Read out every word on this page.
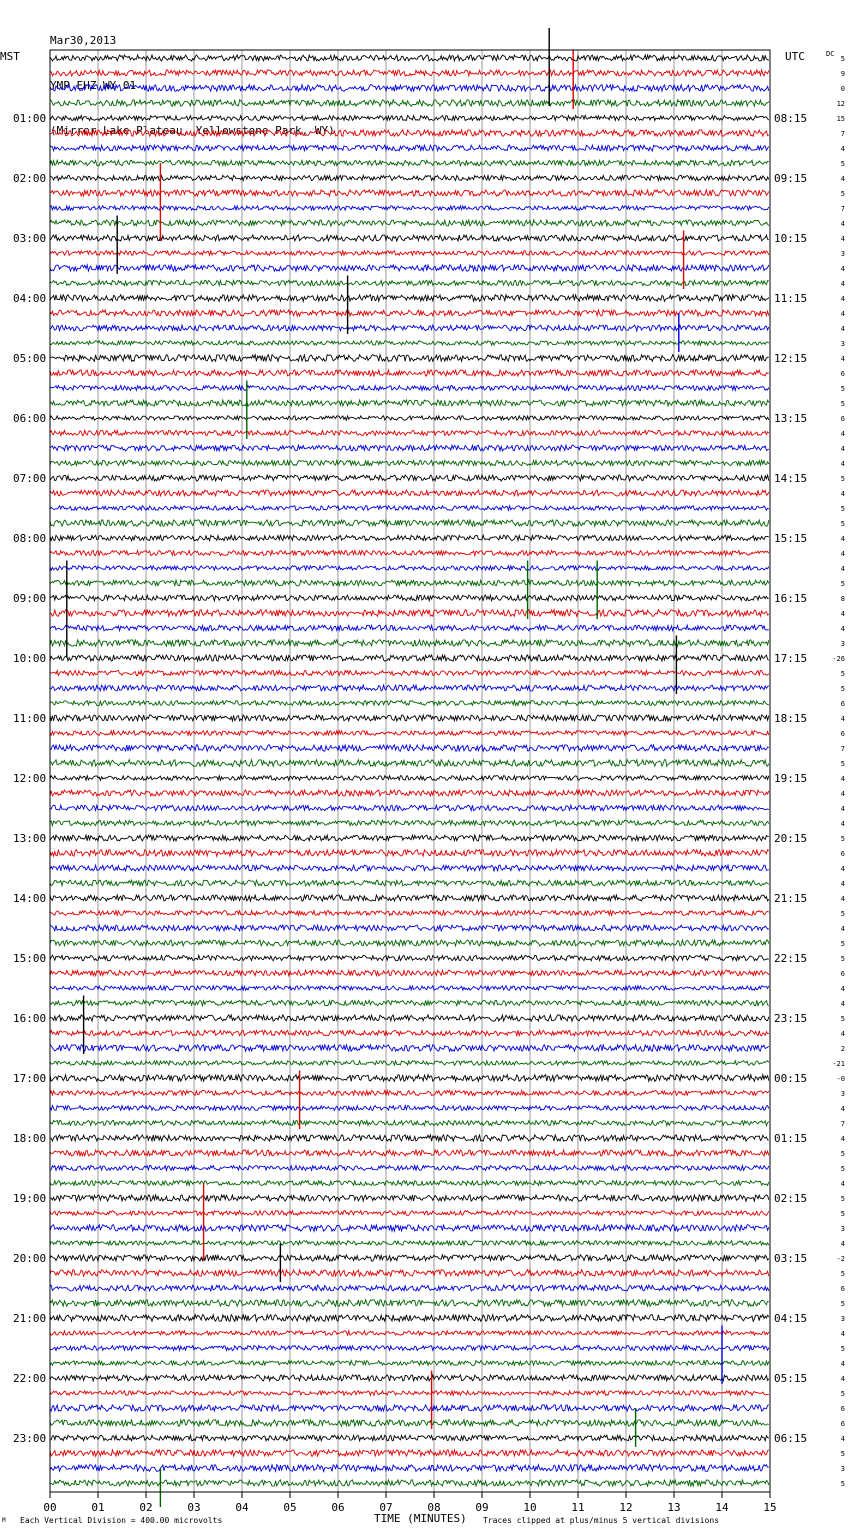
Mar30,2013

YMP EHZ WY 01

(Mirror Lake Plateau, Yellowstone Park, WY)

01:00
02:00
03:00
04:00
05:00
06:00
07:00
08:00
09:00
10:00
11:00
12:00
13:00
14:00
15:00
16:00
17:00
18:00
19:00
20:00
21:00
22:00
23:00
08:15
09:15
10:15
11:15
12:15
13:15
14:15
15:15
16:15
17:15
18:15
19:15
20:15
21:15
22:15
23:15
00:15
01:15
02:15
03:15
04:15
05:15
06:15
5
9
0
12
15
7
4
5
4
5
7
4
4
3
4
4
4
4
4
3
4
6
5
5
6
4
4
4
5
4
5
5
4
4
4
5
8
4
4
3
-26
5
5
6
4
6
7
5
4
4
4
4
5
6
4
4
4
5
4
5
5
6
4
4
5
4
2
-21
-0
3
4
7
4
5
5
4
5
5
3
4
-2
5
6
5
3
4
5
4
4
5
6
6
4
5
3
5
00	01	02	03	04	05	06	07	08	09	10	11	12	13	14	15
MST	UTC	DC
M Each Vertical Division = 400.00 microvolts	TIME (MINUTES) Traces clipped at plus/minus 5 vertical divisions
